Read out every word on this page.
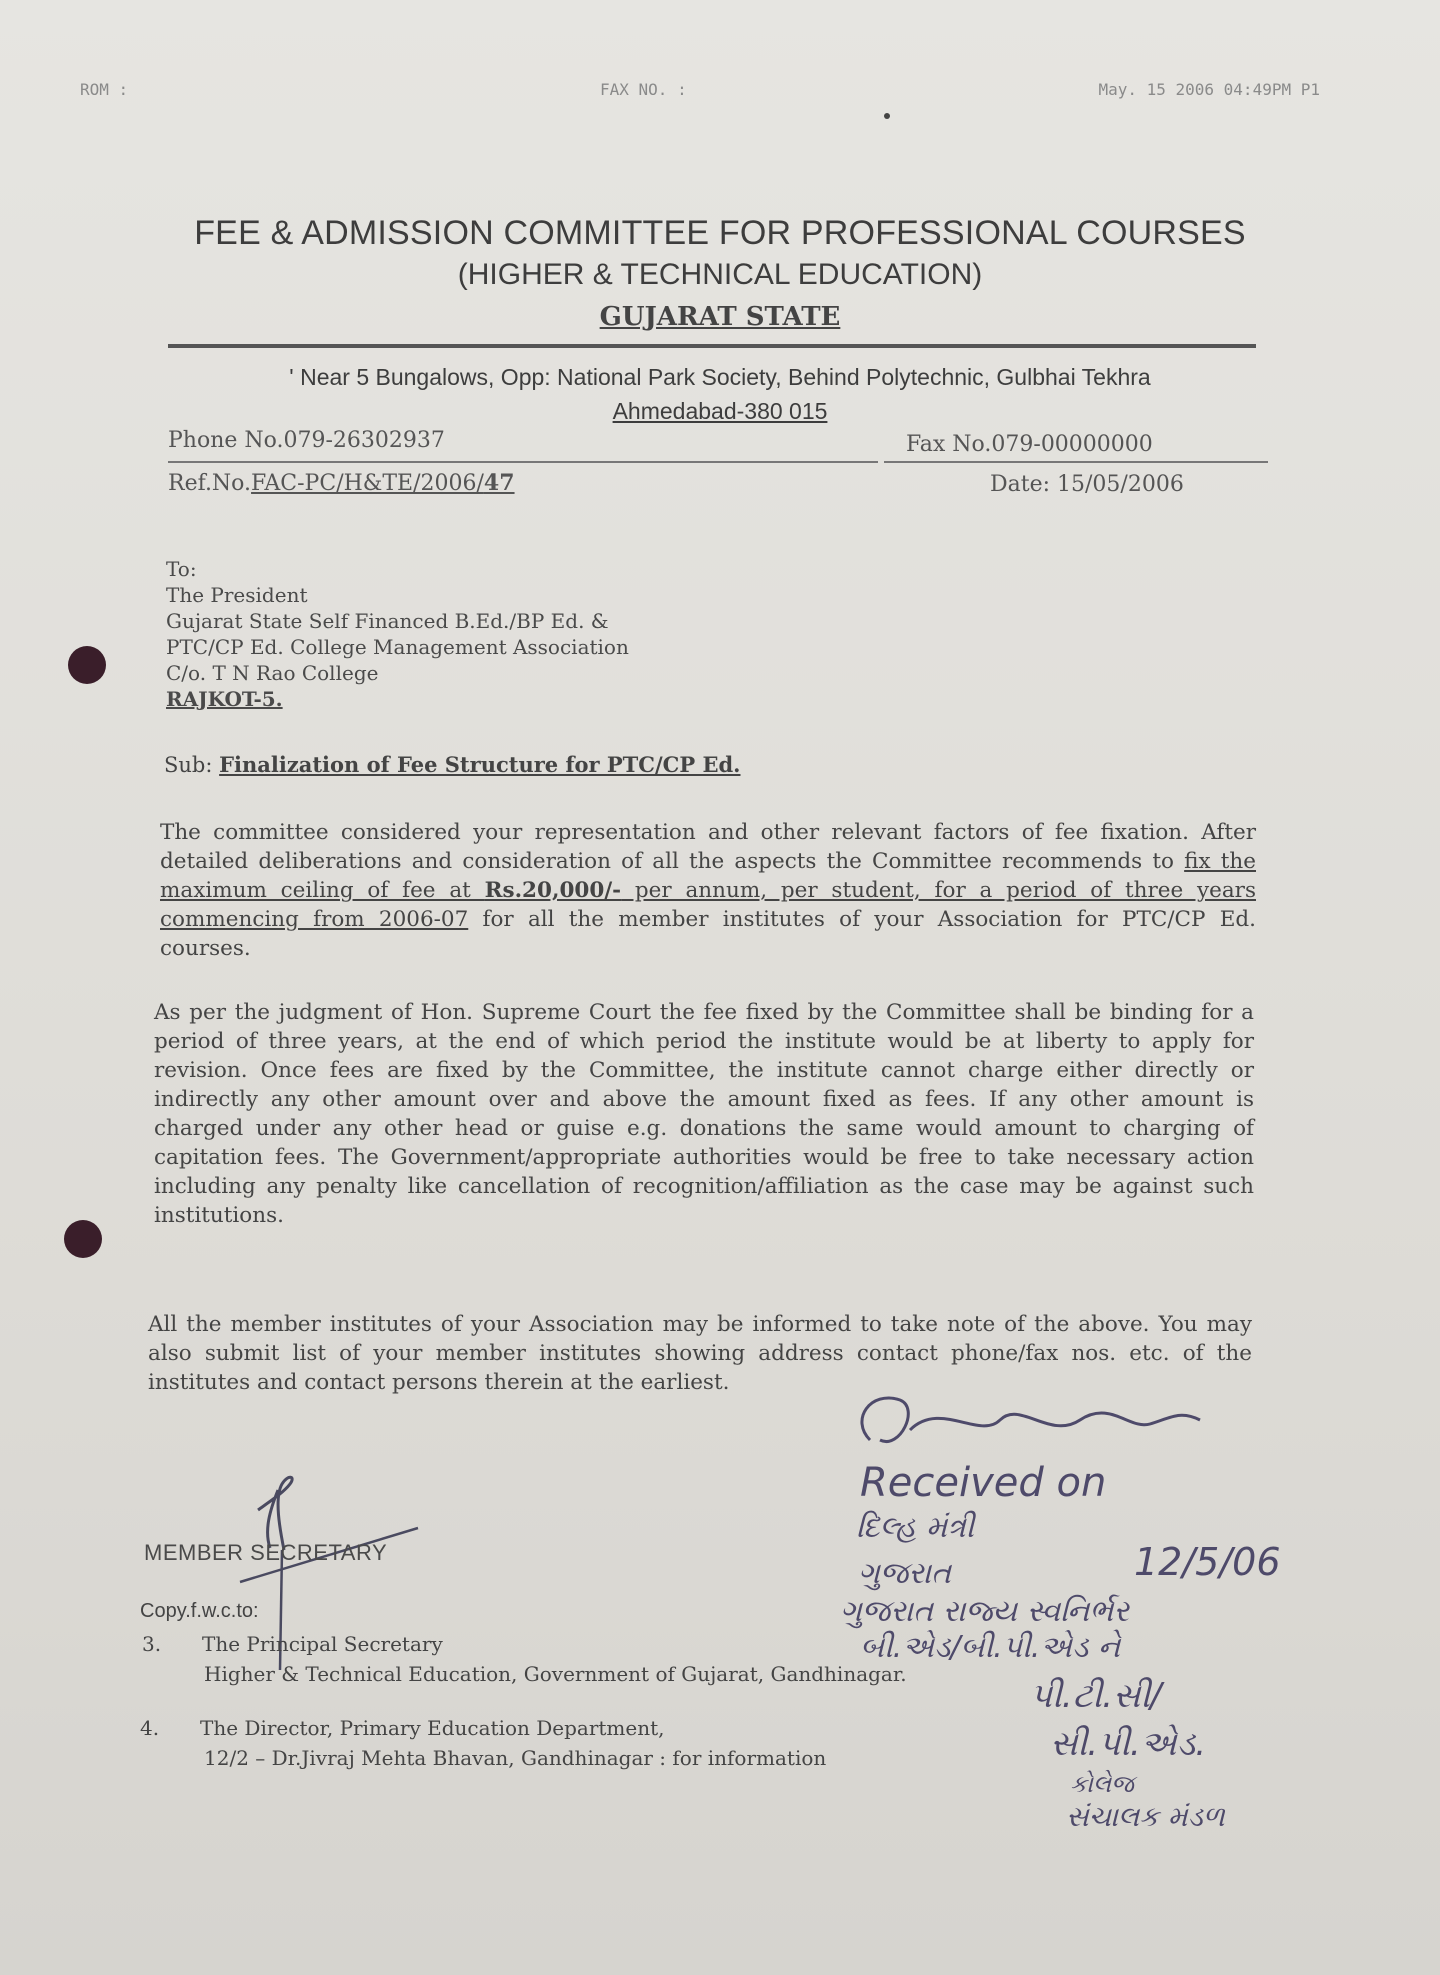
ROM :	FAX NO. :	May. 15 2006 04:49PM P1
FEE & ADMISSION COMMITTEE FOR PROFESSIONAL COURSES
(HIGHER & TECHNICAL EDUCATION)
GUJARAT STATE
' Near 5 Bungalows, Opp: National Park Society, Behind Polytechnic, Gulbhai Tekhra
Ahmedabad-380 015
Phone No.079-26302937	Fax No.079-00000000
Ref.No.FAC-PC/H&TE/2006/47	Date: 15/05/2006
To:
The President
Gujarat State Self Financed B.Ed./BP Ed. &
PTC/CP Ed. College Management Association
C/o. T N Rao College
RAJKOT-5.
Sub: Finalization of Fee Structure for PTC/CP Ed.
The committee considered your representation and other relevant factors of fee fixation. After detailed deliberations and consideration of all the aspects the Committee recommends to fix the maximum ceiling of fee at Rs.20,000/- per annum, per student, for a period of three years commencing from 2006-07 for all the member institutes of your Association for PTC/CP Ed. courses.
As per the judgment of Hon. Supreme Court the fee fixed by the Committee shall be binding for a period of three years, at the end of which period the institute would be at liberty to apply for revision. Once fees are fixed by the Committee, the institute cannot charge either directly or indirectly any other amount over and above the amount fixed as fees. If any other amount is charged under any other head or guise e.g. donations the same would amount to charging of capitation fees. The Government/appropriate authorities would be free to take necessary action including any penalty like cancellation of recognition/affiliation as the case may be against such institutions.
All the member institutes of your Association may be informed to take note of the above. You may also submit list of your member institutes showing address contact phone/fax nos. etc. of the institutes and contact persons therein at the earliest.
MEMBER SECRETARY
Copy.f.w.c.to:
3. The Principal Secretary
Higher & Technical Education, Government of Gujarat, Gandhinagar.
4. The Director, Primary Education Department,
12/2 – Dr.Jivraj Mehta Bhavan, Gandhinagar : for information
Received on
દિલ્હ મંત્રી
12/5/06
ગુજરાત
ગુજરાત રાજ્ય સ્વનિર્ભર
બી.એડ/બી.પી.એડ ને
પી.ટી.સી/
સી.પી.એડ.
કોલેજ
સંચાલક મંડળ
